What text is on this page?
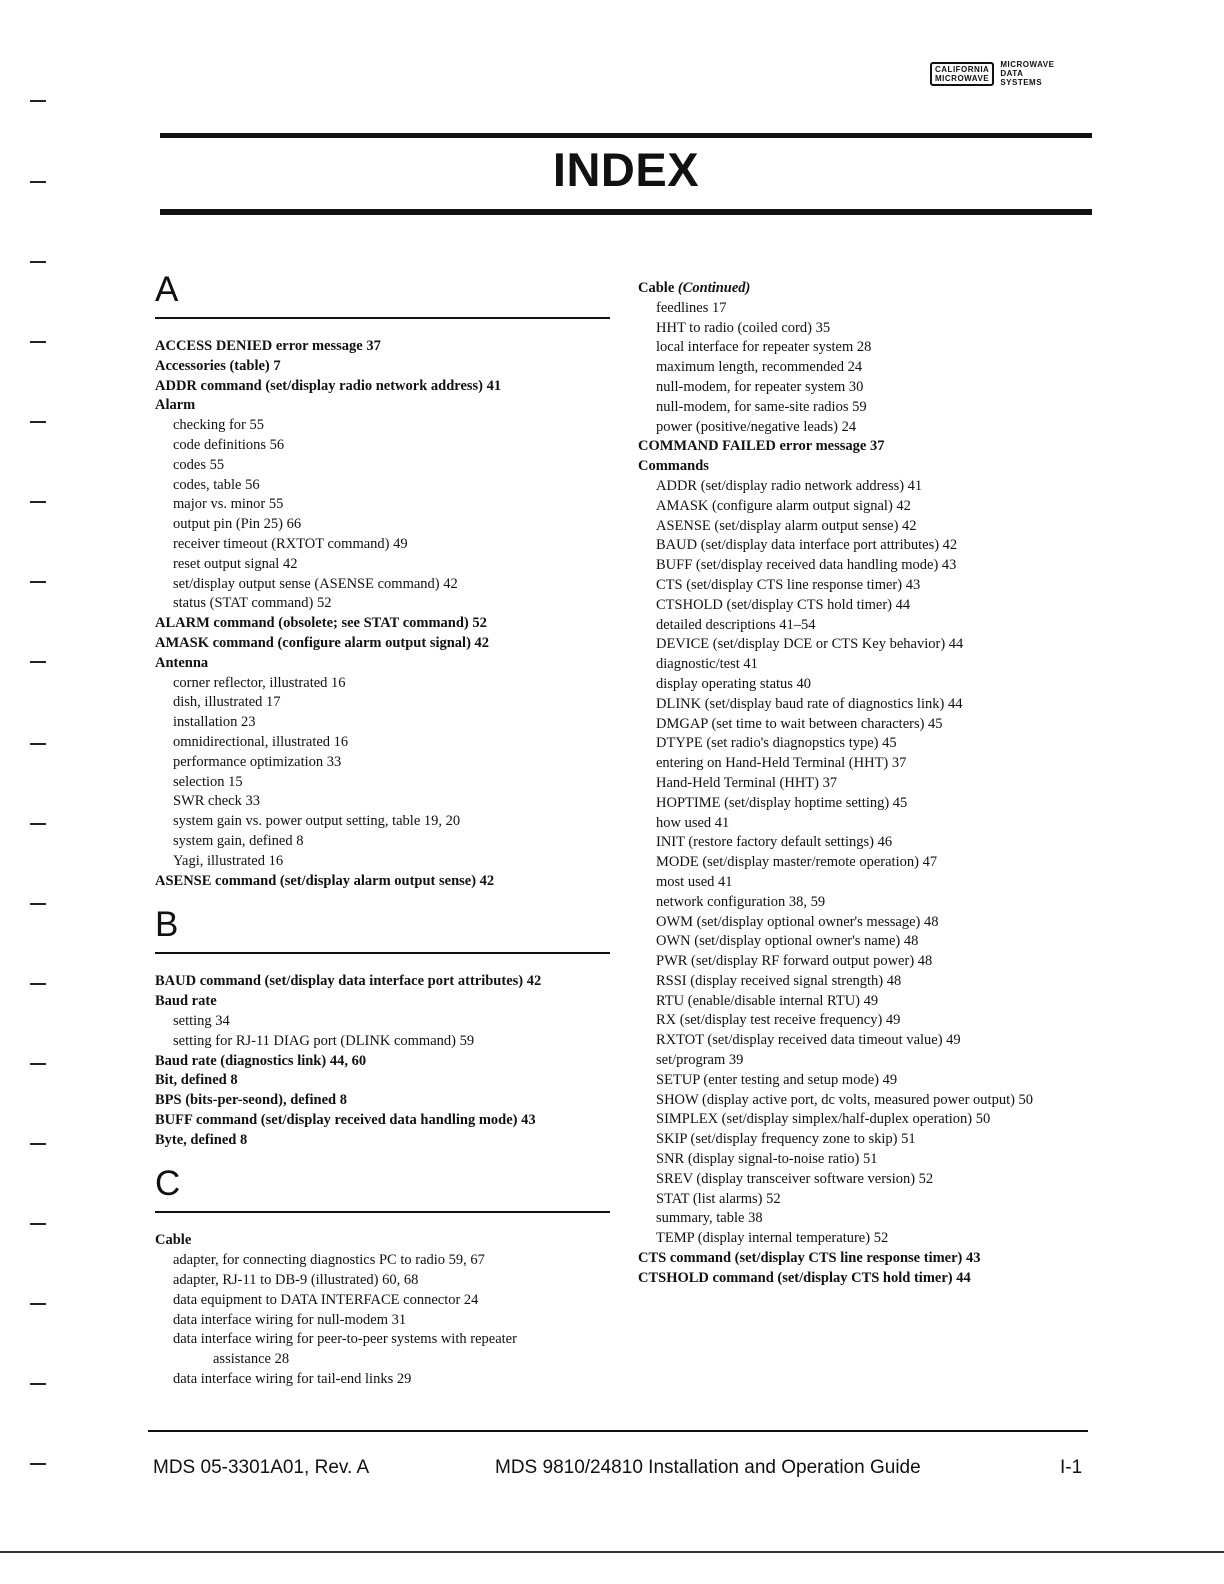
CALIFORNIA
MICROWAVE
MICROWAVE
DATA
SYSTEMS
INDEX
A
ACCESS DENIED error message 37
Accessories (table) 7
ADDR command (set/display radio network address) 41
Alarm
checking for 55
code definitions 56
codes 55
codes, table 56
major vs. minor 55
output pin (Pin 25) 66
receiver timeout (RXTOT command) 49
reset output signal 42
set/display output sense (ASENSE command) 42
status (STAT command) 52
ALARM command (obsolete; see STAT command) 52
AMASK command (configure alarm output signal) 42
Antenna
corner reflector, illustrated 16
dish, illustrated 17
installation 23
omnidirectional, illustrated 16
performance optimization 33
selection 15
SWR check 33
system gain vs. power output setting, table 19, 20
system gain, defined 8
Yagi, illustrated 16
ASENSE command (set/display alarm output sense) 42
B
BAUD command (set/display data interface port attributes) 42
Baud rate
setting 34
setting for RJ-11 DIAG port (DLINK command) 59
Baud rate (diagnostics link) 44, 60
Bit, defined 8
BPS (bits-per-seond), defined 8
BUFF command (set/display received data handling mode) 43
Byte, defined 8
C
Cable
adapter, for connecting diagnostics PC to radio 59, 67
adapter, RJ-11 to DB-9 (illustrated) 60, 68
data equipment to DATA INTERFACE connector 24
data interface wiring for null-modem 31
data interface wiring for peer-to-peer systems with repeater
assistance 28
data interface wiring for tail-end links 29
Cable (Continued)
feedlines 17
HHT to radio (coiled cord) 35
local interface for repeater system 28
maximum length, recommended 24
null-modem, for repeater system 30
null-modem, for same-site radios 59
power (positive/negative leads) 24
COMMAND FAILED error message 37
Commands
ADDR (set/display radio network address) 41
AMASK (configure alarm output signal) 42
ASENSE (set/display alarm output sense) 42
BAUD (set/display data interface port attributes) 42
BUFF (set/display received data handling mode) 43
CTS (set/display CTS line response timer) 43
CTSHOLD (set/display CTS hold timer) 44
detailed descriptions 41–54
DEVICE (set/display DCE or CTS Key behavior) 44
diagnostic/test 41
display operating status 40
DLINK (set/display baud rate of diagnostics link) 44
DMGAP (set time to wait between characters) 45
DTYPE (set radio's diagnopstics type) 45
entering on Hand-Held Terminal (HHT) 37
Hand-Held Terminal (HHT) 37
HOPTIME (set/display hoptime setting) 45
how used 41
INIT (restore factory default settings) 46
MODE (set/display master/remote operation) 47
most used 41
network configuration 38, 59
OWM (set/display optional owner's message) 48
OWN (set/display optional owner's name) 48
PWR (set/display RF forward output power) 48
RSSI (display received signal strength) 48
RTU (enable/disable internal RTU) 49
RX (set/display test receive frequency) 49
RXTOT (set/display received data timeout value) 49
set/program 39
SETUP (enter testing and setup mode) 49
SHOW (display active port, dc volts, measured power output) 50
SIMPLEX (set/display simplex/half-duplex operation) 50
SKIP (set/display frequency zone to skip) 51
SNR (display signal-to-noise ratio) 51
SREV (display transceiver software version) 52
STAT (list alarms) 52
summary, table 38
TEMP (display internal temperature) 52
CTS command (set/display CTS line response timer) 43
CTSHOLD command (set/display CTS hold timer) 44
MDS 05-3301A01, Rev. A	MDS 9810/24810 Installation and Operation Guide	I-1
